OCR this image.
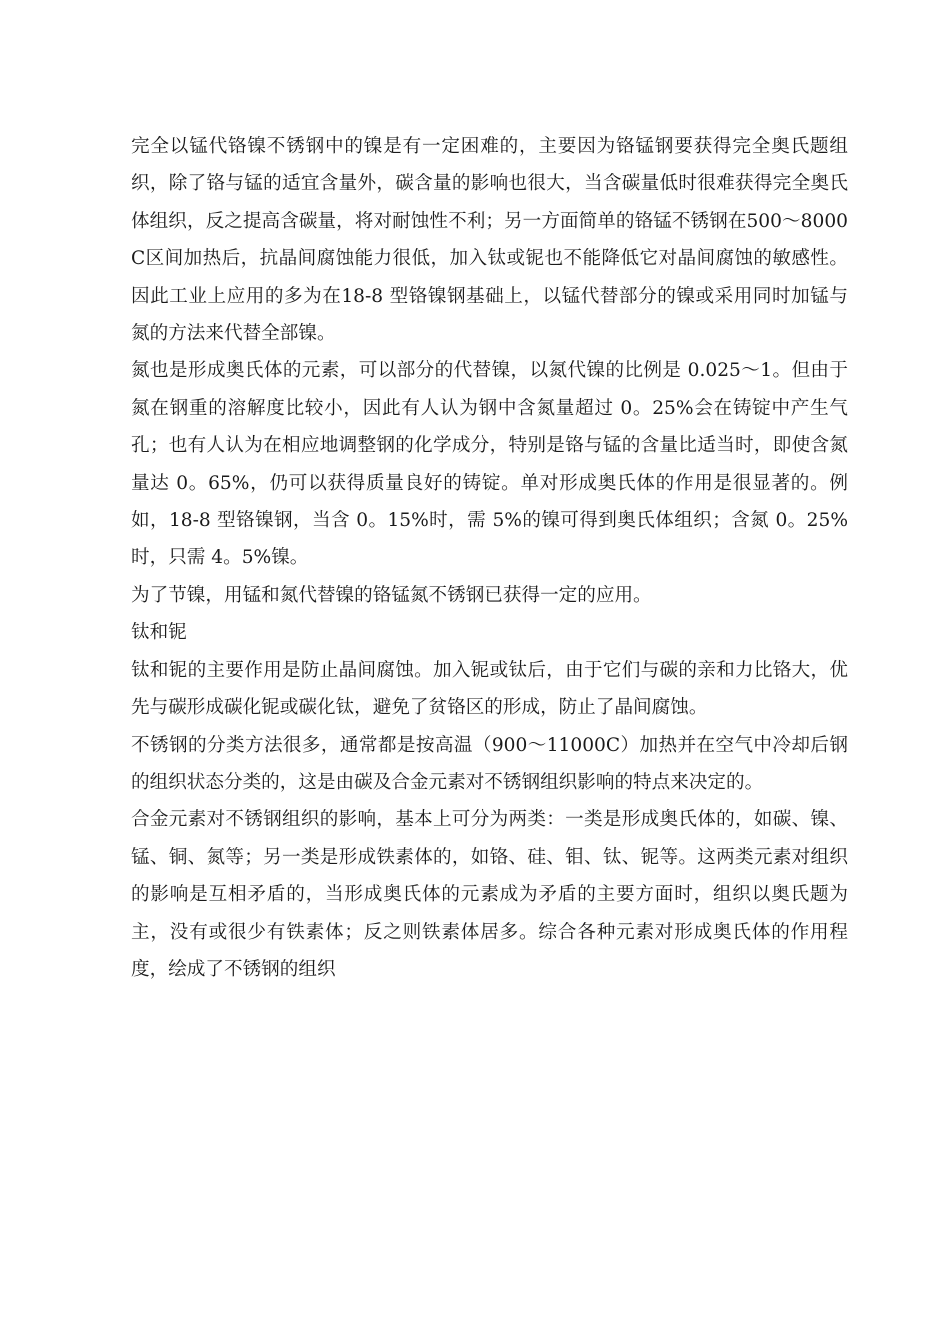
完全以锰代铬镍不锈钢中的镍是有一定困难的，主要因为铬锰钢要获得完全奥氏题组织，除了铬与锰的适宜含量外，碳含量的影响也很大，当含碳量低时很难获得完全奥氏体组织，反之提高含碳量，将对耐蚀性不利；另一方面简单的铬锰不锈钢在500～8000C区间加热后，抗晶间腐蚀能力很低，加入钛或铌也不能降低它对晶间腐蚀的敏感性。因此工业上应用的多为在18-8 型铬镍钢基础上，以锰代替部分的镍或采用同时加锰与氮的方法来代替全部镍。

氮也是形成奥氏体的元素，可以部分的代替镍，以氮代镍的比例是 0.025～1。但由于氮在钢重的溶解度比较小，因此有人认为钢中含氮量超过 0。25%会在铸锭中产生气孔；也有人认为在相应地调整钢的化学成分，特别是铬与锰的含量比适当时，即使含氮量达 0。65%，仍可以获得质量良好的铸锭。单对形成奥氏体的作用是很显著的。例如，18-8 型铬镍钢，当含 0。15%时，需 5%的镍可得到奥氏体组织；含氮 0。25%时，只需 4。5%镍。

为了节镍，用锰和氮代替镍的铬锰氮不锈钢已获得一定的应用。

钛和铌

钛和铌的主要作用是防止晶间腐蚀。加入铌或钛后，由于它们与碳的亲和力比铬大，优先与碳形成碳化铌或碳化钛，避免了贫铬区的形成，防止了晶间腐蚀。

不锈钢的分类方法很多，通常都是按高温（900～11000C）加热并在空气中冷却后钢的组织状态分类的，这是由碳及合金元素对不锈钢组织影响的特点来决定的。

合金元素对不锈钢组织的影响，基本上可分为两类：一类是形成奥氏体的，如碳、镍、锰、铜、氮等；另一类是形成铁素体的，如铬、硅、钼、钛、铌等。这两类元素对组织的影响是互相矛盾的，当形成奥氏体的元素成为矛盾的主要方面时，组织以奥氏题为主，没有或很少有铁素体；反之则铁素体居多。综合各种元素对形成奥氏体的作用程度，绘成了不锈钢的组织
